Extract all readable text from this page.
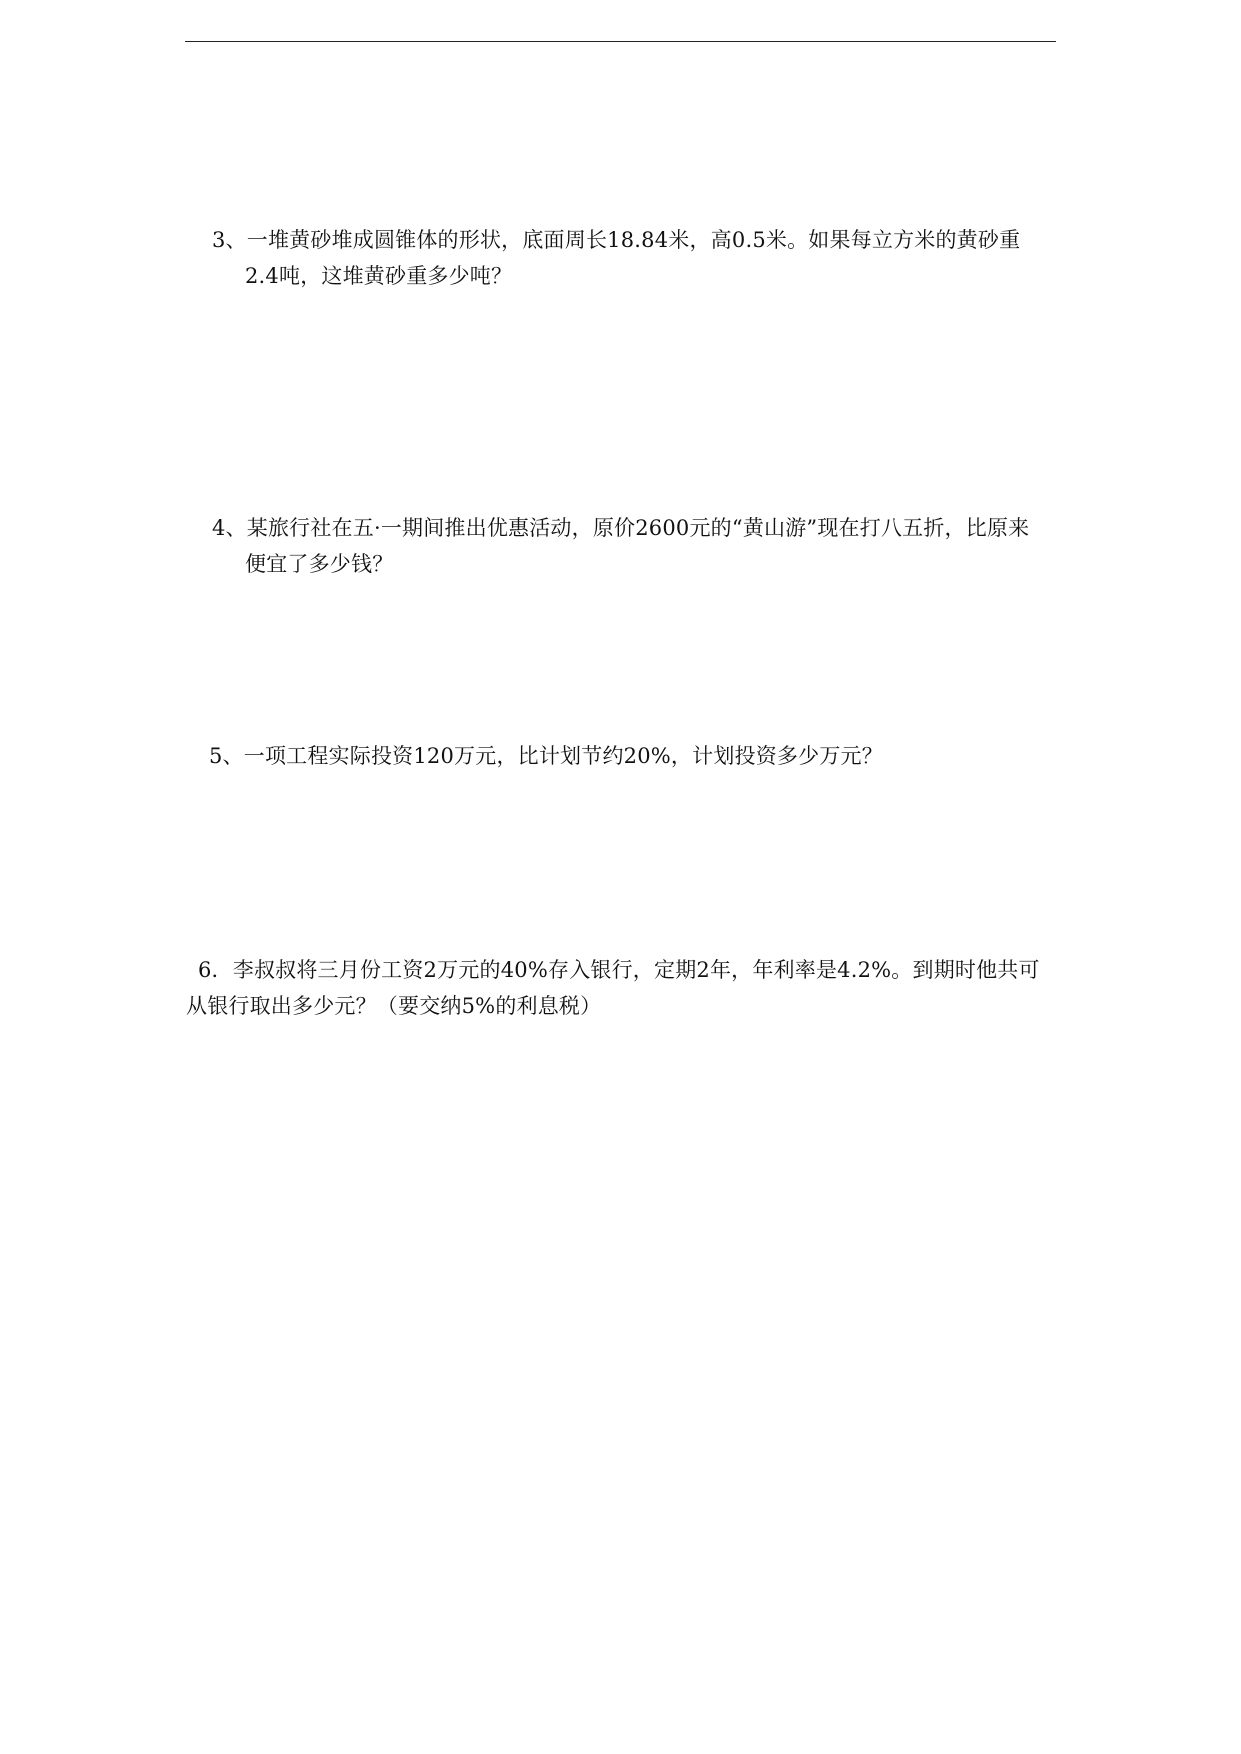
3、一堆黄砂堆成圆锥体的形状，底面周长18.84米，高0.5米。如果每立方米的黄砂重
2.4吨，这堆黄砂重多少吨？
4、某旅行社在五·一期间推出优惠活动，原价2600元的“黄山游”现在打八五折，比原来
便宜了多少钱？
5、一项工程实际投资120万元，比计划节约20%，计划投资多少万元？
6．李叔叔将三月份工资2万元的40%存入银行，定期2年，年利率是4.2%。到期时他共可
从银行取出多少元？（要交纳5%的利息税）
